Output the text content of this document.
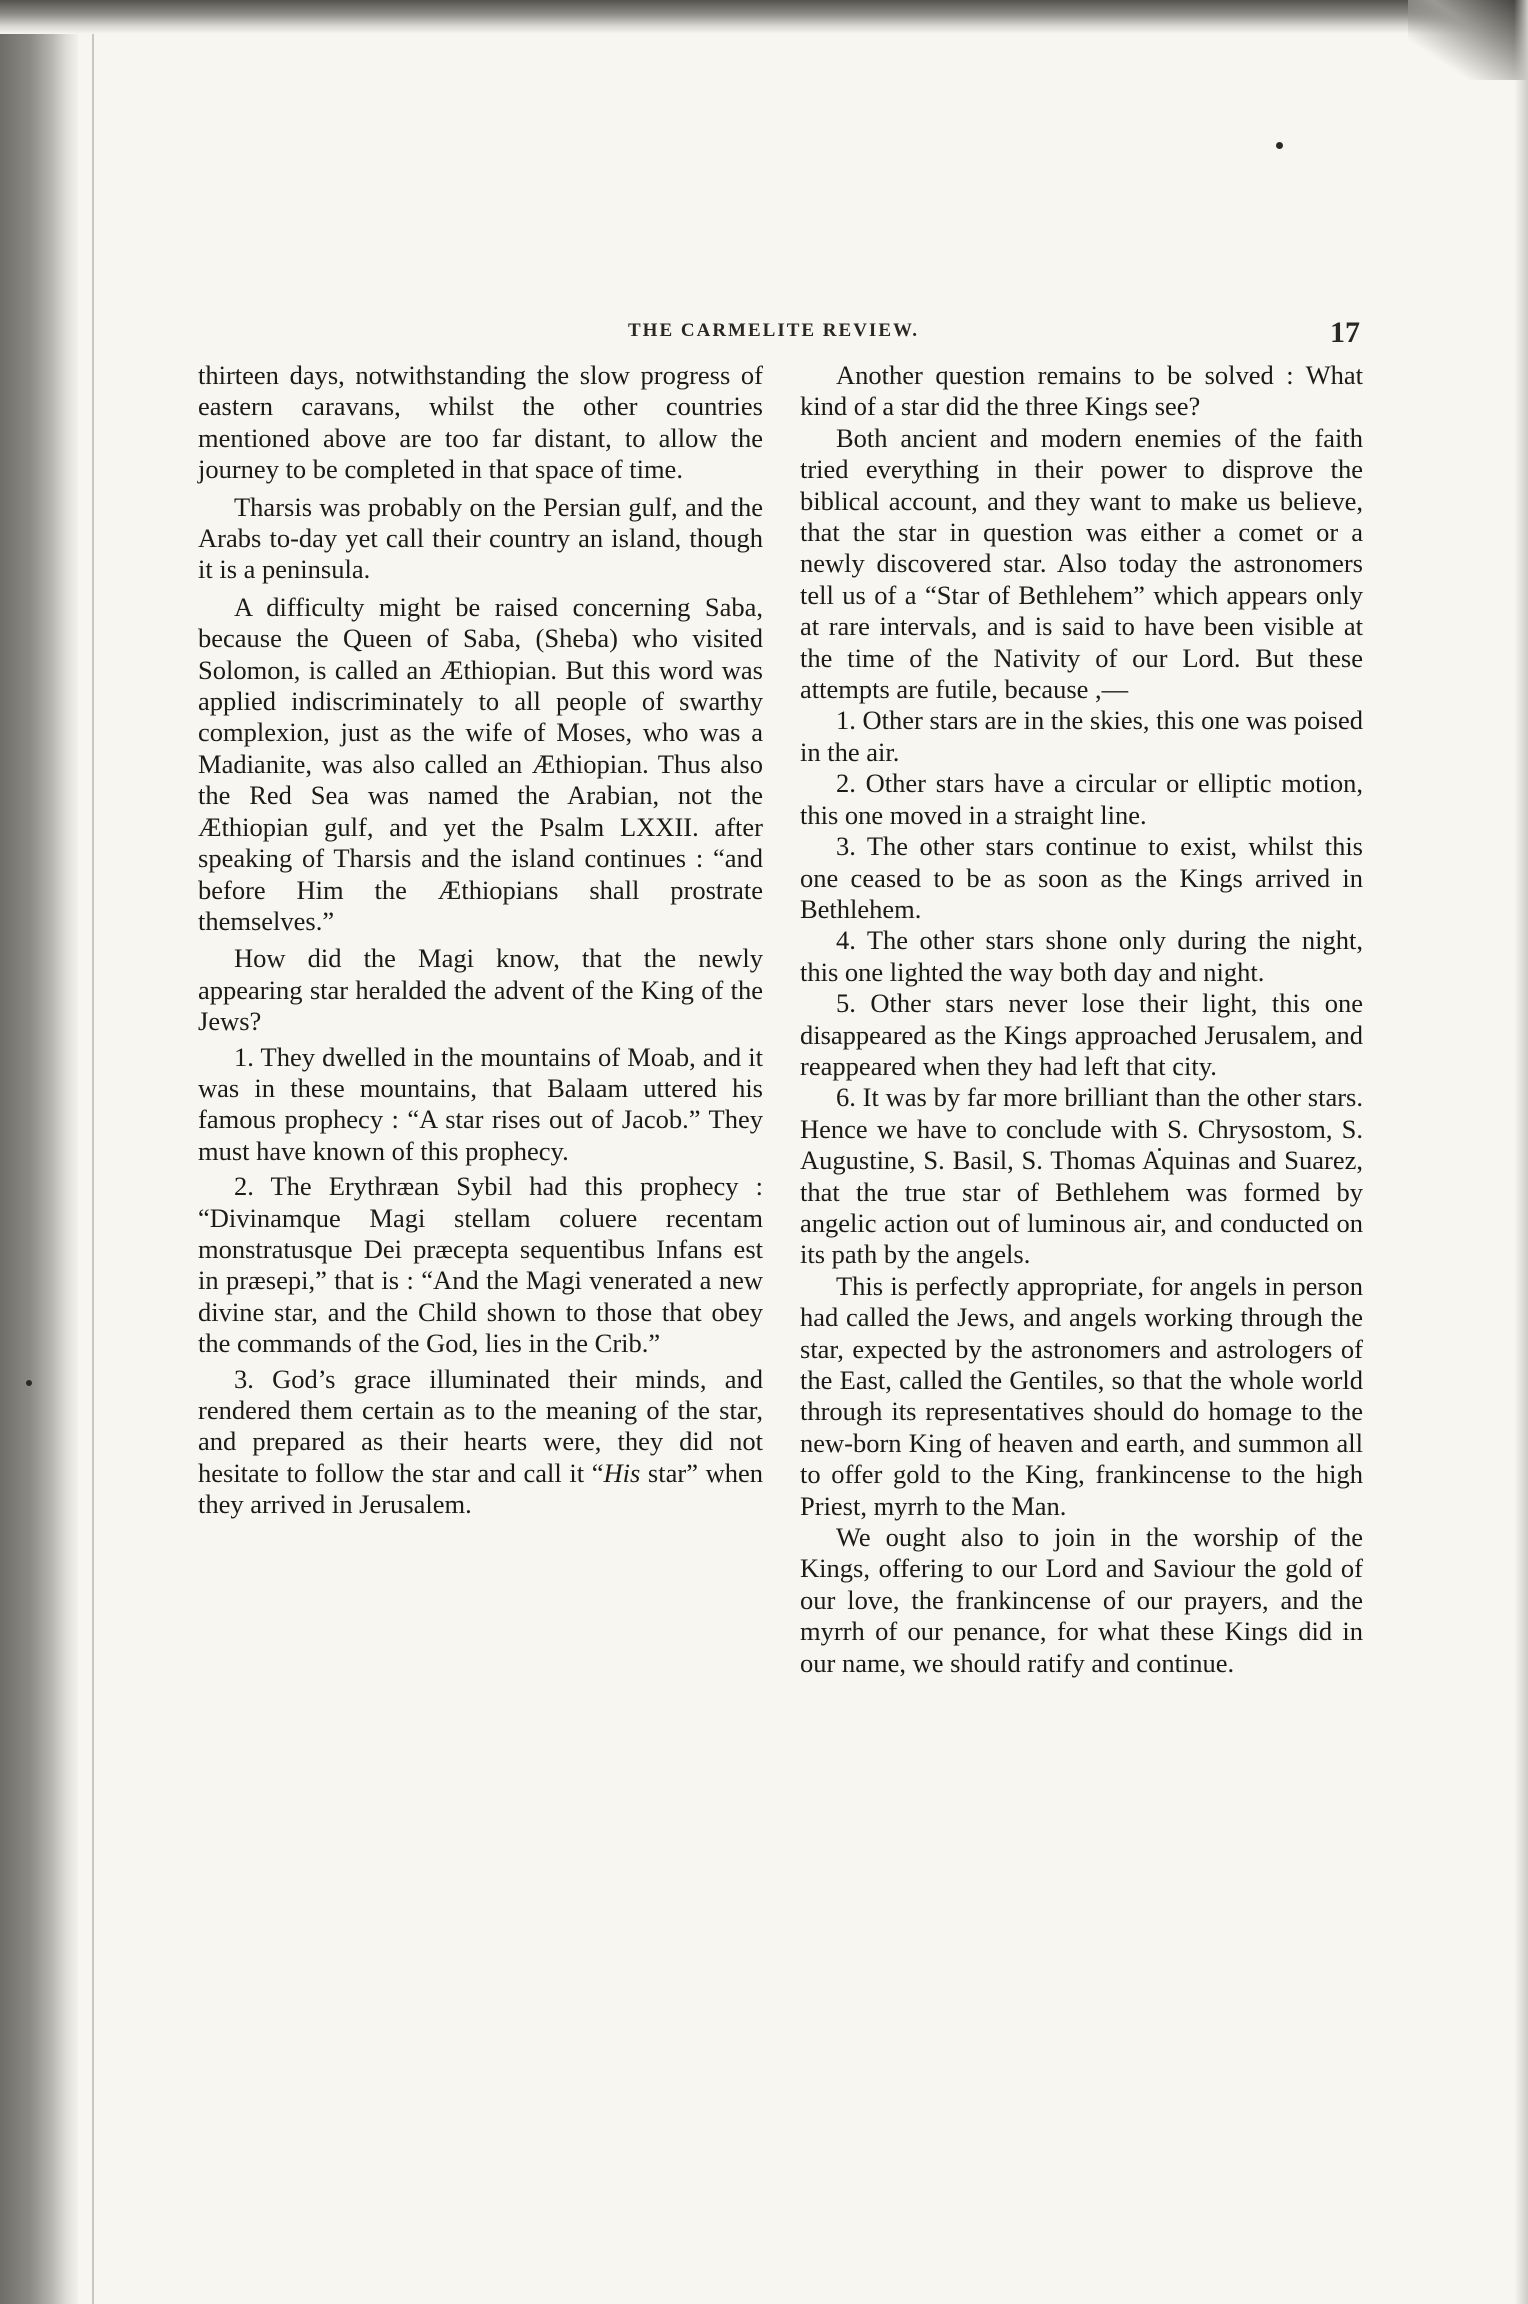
THE CARMELITE REVIEW.	17

thirteen days, notwithstanding the slow progress of eastern caravans, whilst the other countries mentioned above are too far distant, to allow the journey to be completed in that space of time.

Tharsis was probably on the Persian gulf, and the Arabs to-day yet call their country an island, though it is a peninsula.

A difficulty might be raised concerning Saba, because the Queen of Saba, (Sheba) who visited Solomon, is called an Æthiopian. But this word was applied indiscriminately to all people of swarthy complexion, just as the wife of Moses, who was a Madianite, was also called an Æthiopian. Thus also the Red Sea was named the Arabian, not the Æthiopian gulf, and yet the Psalm LXXII. after speaking of Tharsis and the island continues : “and before Him the Æthiopians shall prostrate themselves.”

How did the Magi know, that the newly appearing star heralded the advent of the King of the Jews?

1. They dwelled in the mountains of Moab, and it was in these mountains, that Balaam uttered his famous prophecy : “A star rises out of Jacob.” They must have known of this prophecy.

2. The Erythræan Sybil had this prophecy : “Divinamque Magi stellam coluere recentam monstratusque Dei præcepta sequentibus Infans est in præsepi,” that is : “And the Magi venerated a new divine star, and the Child shown to those that obey the commands of the God, lies in the Crib.”

3. God’s grace illuminated their minds, and rendered them certain as to the meaning of the star, and prepared as their hearts were, they did not hesitate to follow the star and call it “His star” when they arrived in Jerusalem.

Another question remains to be solved : What kind of a star did the three Kings see?

Both ancient and modern enemies of the faith tried everything in their power to disprove the biblical account, and they want to make us believe, that the star in question was either a comet or a newly discovered star. Also today the astronomers tell us of a “Star of Bethlehem” which appears only at rare intervals, and is said to have been visible at the time of the Nativity of our Lord. But these attempts are futile, because ,—

1. Other stars are in the skies, this one was poised in the air.

2. Other stars have a circular or elliptic motion, this one moved in a straight line.

3. The other stars continue to exist, whilst this one ceased to be as soon as the Kings arrived in Bethlehem.

4. The other stars shone only during the night, this one lighted the way both day and night.

5. Other stars never lose their light, this one disappeared as the Kings approached Jerusalem, and reappeared when they had left that city.

6. It was by far more brilliant than the other stars. Hence we have to conclude with S. Chrysostom, S. Augustine, S. Basil, S. Thomas Aquinas and Suarez, that the true star of Bethlehem was formed by angelic action out of luminous air, and conducted on its path by the angels.

This is perfectly appropriate, for angels in person had called the Jews, and angels working through the star, expected by the astronomers and astrologers of the East, called the Gentiles, so that the whole world through its representatives should do homage to the new-born King of heaven and earth, and summon all to offer gold to the King, frankincense to the high Priest, myrrh to the Man.

We ought also to join in the worship of the Kings, offering to our Lord and Saviour the gold of our love, the frankincense of our prayers, and the myrrh of our penance, for what these Kings did in our name, we should ratify and continue.
